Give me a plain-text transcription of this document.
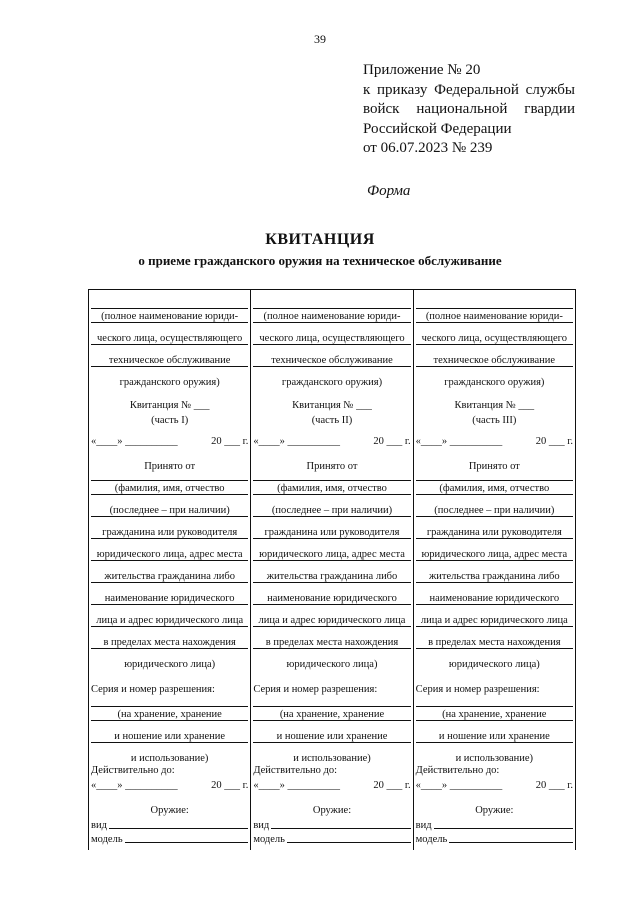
39
Приложение № 20
к приказу Федеральной службы
войск национальной гвардии
Российской Федерации
от 06.07.2023 № 239
Форма
КВИТАНЦИЯ
о приеме гражданского оружия на техническое обслуживание
(полное наименование юриди-
ческого лица, осуществляющего
техническое обслуживание
гражданского оружия)
Квитанция № ___
(часть I)
«____» __________	20 ___ г.
Принято от
(фамилия, имя, отчество
(последнее – при наличии)
гражданина или руководителя
юридического лица, адрес места
жительства гражданина либо
наименование юридического
лица и адрес юридического лица
в пределах места нахождения
юридического лица)
Серия и номер разрешения:
(на хранение, хранение
и ношение или хранение
и использование)
Действительно до:
«____» __________	20 ___ г.
Оружие:
вид
модель
(полное наименование юриди-
ческого лица, осуществляющего
техническое обслуживание
гражданского оружия)
Квитанция № ___
(часть II)
«____» __________	20 ___ г.
Принято от
(фамилия, имя, отчество
(последнее – при наличии)
гражданина или руководителя
юридического лица, адрес места
жительства гражданина либо
наименование юридического
лица и адрес юридического лица
в пределах места нахождения
юридического лица)
Серия и номер разрешения:
(на хранение, хранение
и ношение или хранение
и использование)
Действительно до:
«____» __________	20 ___ г.
Оружие:
вид
модель
(полное наименование юриди-
ческого лица, осуществляющего
техническое обслуживание
гражданского оружия)
Квитанция № ___
(часть III)
«____» __________	20 ___ г.
Принято от
(фамилия, имя, отчество
(последнее – при наличии)
гражданина или руководителя
юридического лица, адрес места
жительства гражданина либо
наименование юридического
лица и адрес юридического лица
в пределах места нахождения
юридического лица)
Серия и номер разрешения:
(на хранение, хранение
и ношение или хранение
и использование)
Действительно до:
«____» __________	20 ___ г.
Оружие:
вид
модель
